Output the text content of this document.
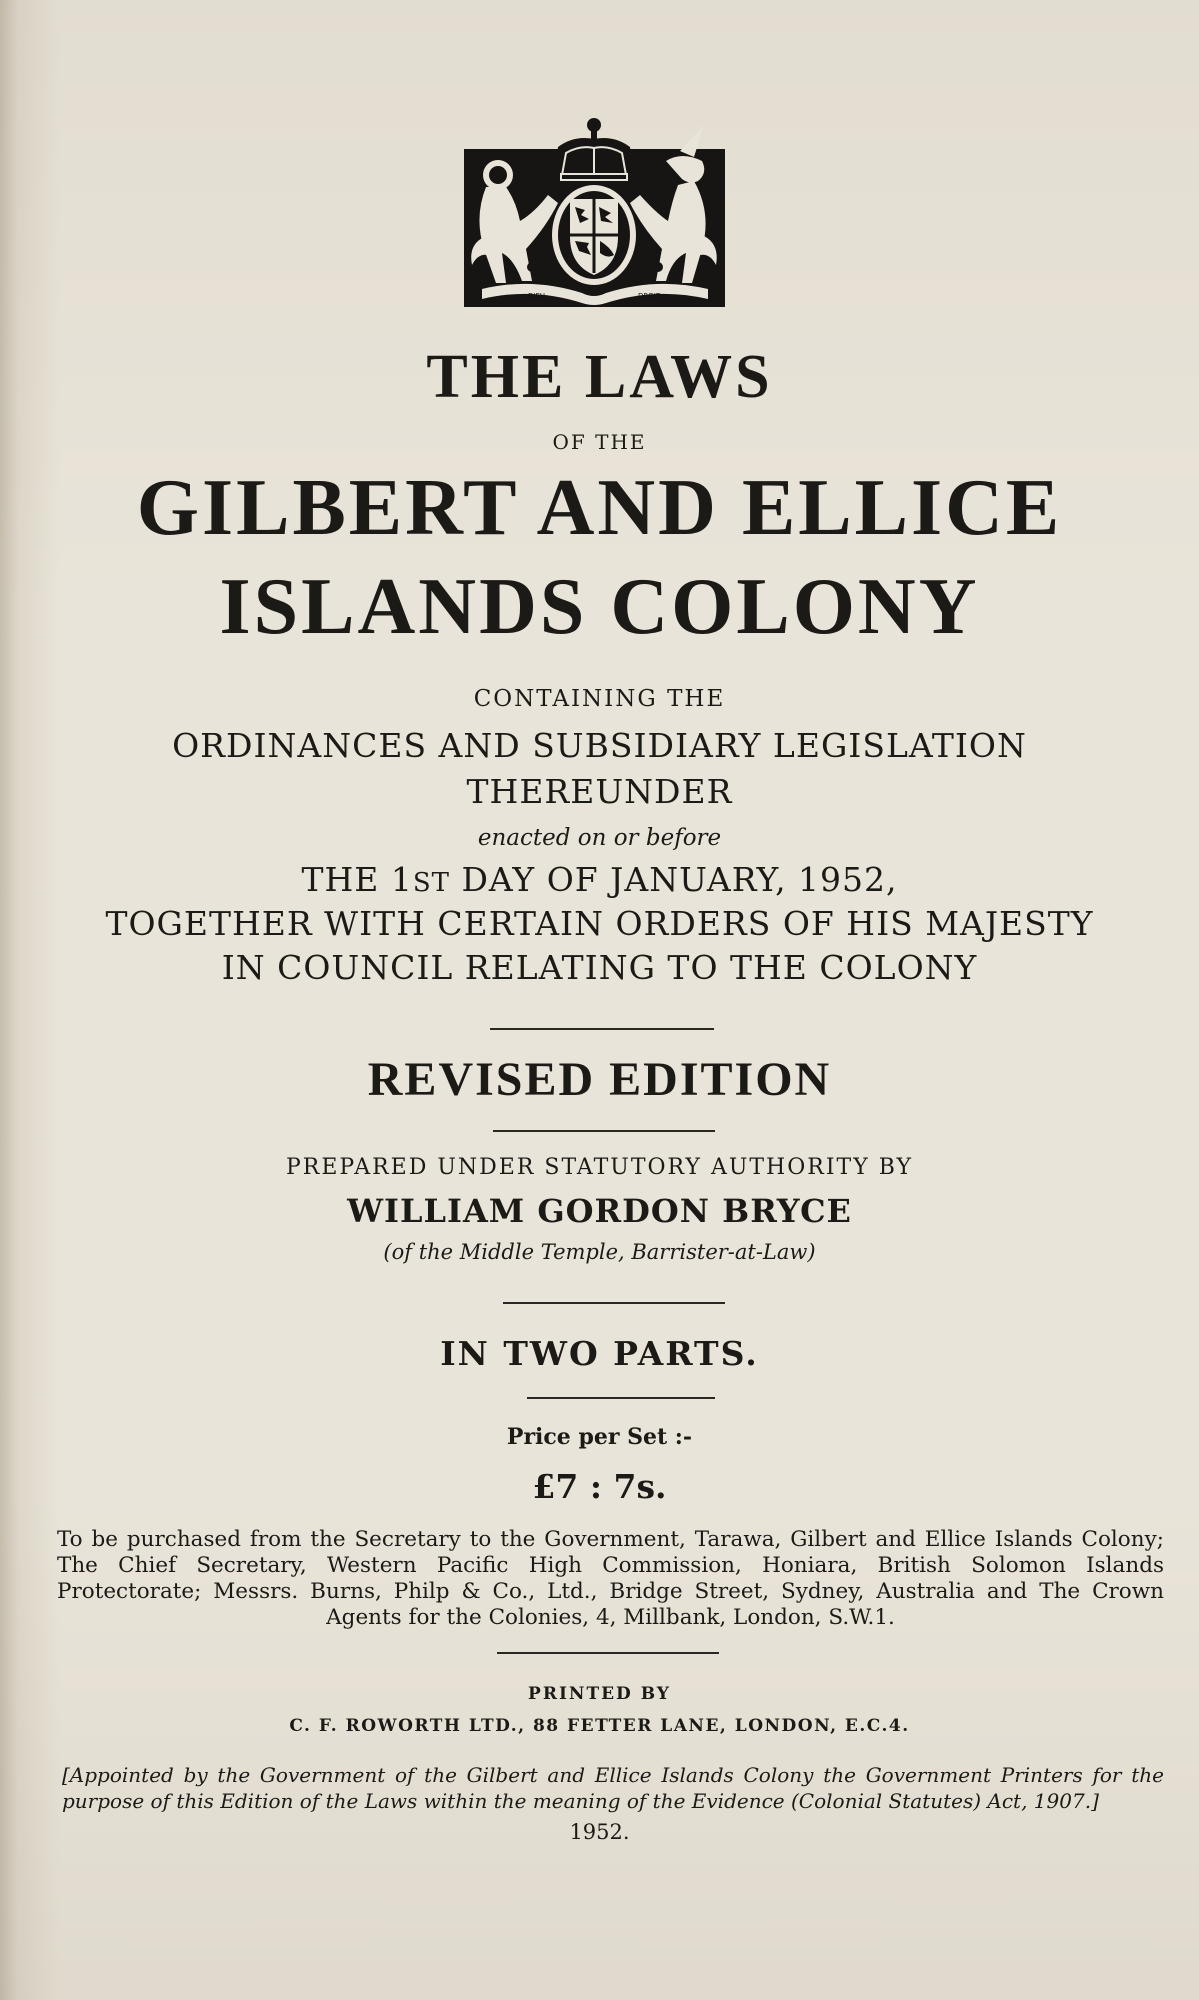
DIEU	DROIT
THE LAWS
OF THE
GILBERT AND ELLICE
ISLANDS COLONY
CONTAINING THE
ORDINANCES AND SUBSIDIARY LEGISLATION
THEREUNDER
enacted on or before
THE 1ST DAY OF JANUARY, 1952,
TOGETHER WITH CERTAIN ORDERS OF HIS MAJESTY
IN COUNCIL RELATING TO THE COLONY
REVISED EDITION
PREPARED UNDER STATUTORY AUTHORITY BY
WILLIAM GORDON BRYCE
(of the Middle Temple, Barrister-at-Law)
IN TWO PARTS.
Price per Set :-
£7 : 7s.
To be purchased from the Secretary to the Government, Tarawa, Gilbert and Ellice Islands Colony; The Chief Secretary, Western Pacific High Commission, Honiara, British Solomon Islands Protectorate; Messrs. Burns, Philp & Co., Ltd., Bridge Street, Sydney, Australia and The Crown Agents for the Colonies, 4, Millbank, London, S.W.1.
PRINTED BY
C. F. ROWORTH LTD., 88 FETTER LANE, LONDON, E.C.4.
[Appointed by the Government of the Gilbert and Ellice Islands Colony the Government Printers for the purpose of this Edition of the Laws within the meaning of the Evidence (Colonial Statutes) Act, 1907.]
1952.
